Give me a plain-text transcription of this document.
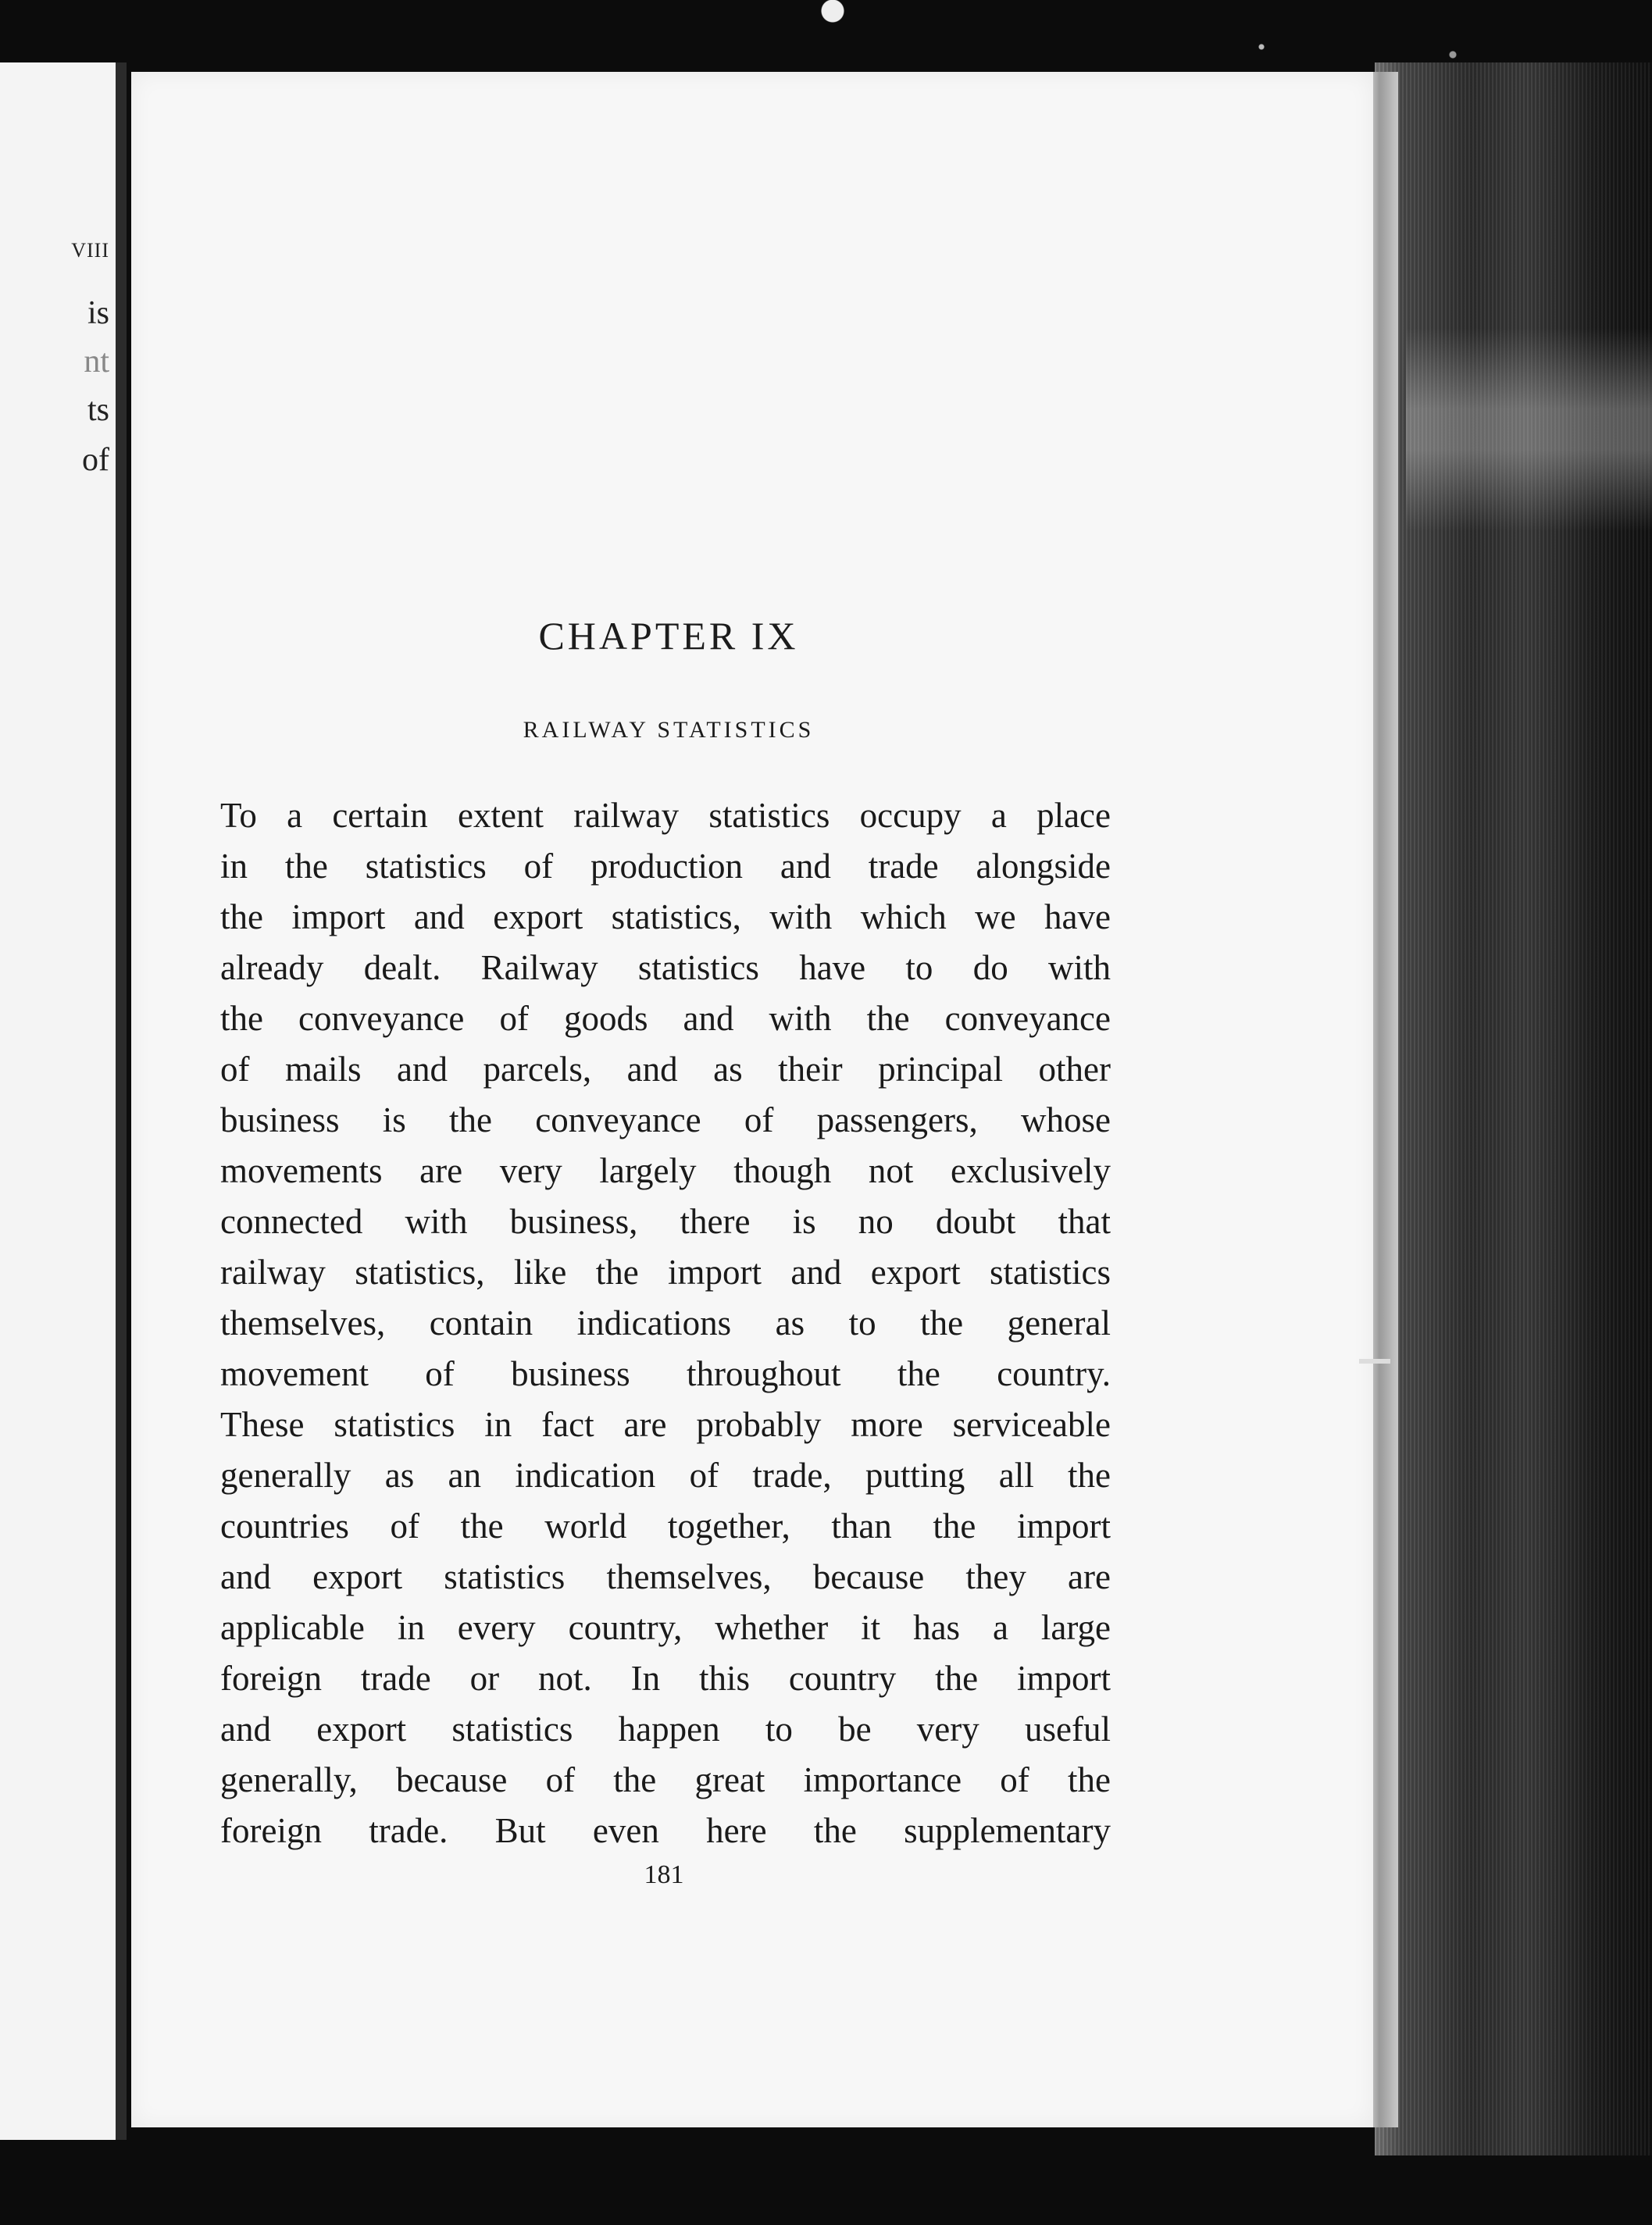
VIII
is
nt
ts
of
CHAPTER IX
RAILWAY STATISTICS
To a certain extent railway statistics occupy a place
in the statistics of production and trade alongside
the import and export statistics, with which we have
already dealt. Railway statistics have to do with
the conveyance of goods and with the conveyance
of mails and parcels, and as their principal other
business is the conveyance of passengers, whose
movements are very largely though not exclusively
connected with business, there is no doubt that
railway statistics, like the import and export statistics
themselves, contain indications as to the general
movement of business throughout the country.
These statistics in fact are probably more serviceable
generally as an indication of trade, putting all the
countries of the world together, than the import
and export statistics themselves, because they are
applicable in every country, whether it has a large
foreign trade or not. In this country the import
and export statistics happen to be very useful
generally, because of the great importance of the
foreign trade. But even here the supplementary

181
